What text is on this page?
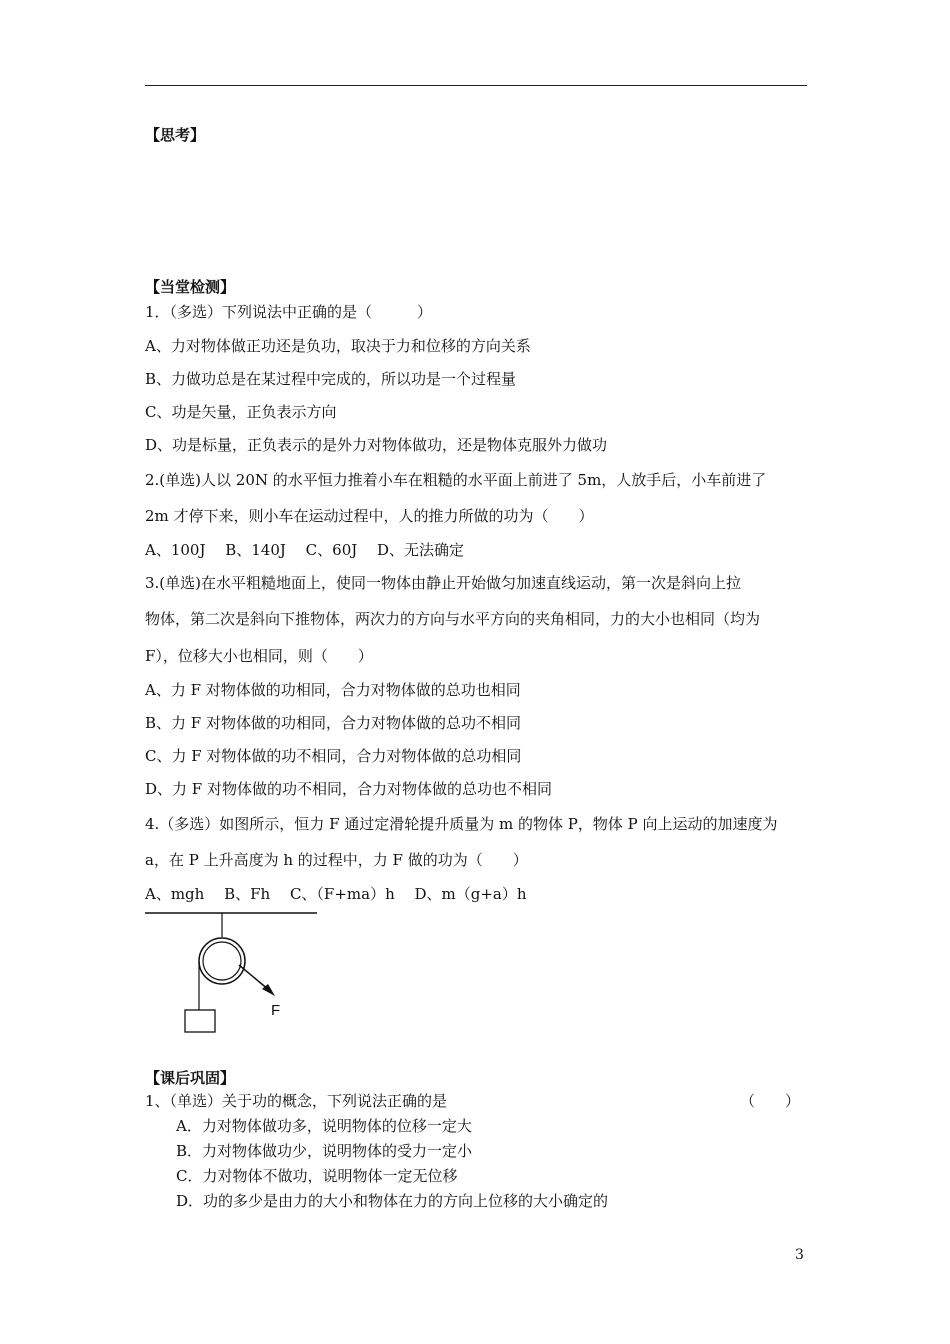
【思考】
【当堂检测】
1．（多选）下列说法中正确的是（　　　）
A、力对物体做正功还是负功，取决于力和位移的方向关系
B、力做功总是在某过程中完成的，所以功是一个过程量
C、功是矢量，正负表示方向
D、功是标量，正负表示的是外力对物体做功，还是物体克服外力做功
2.(单选)人以 20N 的水平恒力推着小车在粗糙的水平面上前进了 5m，人放手后，小车前进了
2m 才停下来，则小车在运动过程中，人的推力所做的功为（　　）
A、100J　 B、140J　 C、60J　 D、无法确定
3.(单选)在水平粗糙地面上，使同一物体由静止开始做匀加速直线运动，第一次是斜向上拉
物体，第二次是斜向下推物体，两次力的方向与水平方向的夹角相同，力的大小也相同（均为
F），位移大小也相同，则（　　）
A、力 F 对物体做的功相同，合力对物体做的总功也相同
B、力 F 对物体做的功相同，合力对物体做的总功不相同
C、力 F 对物体做的功不相同，合力对物体做的总功相同
D、力 F 对物体做的功不相同，合力对物体做的总功也不相同
4.（多选）如图所示，恒力 F 通过定滑轮提升质量为 m 的物体 P，物体 P 向上运动的加速度为
a，在 P 上升高度为 h 的过程中，力 F 做的功为（　　）
A、mgh　 B、Fh　 C、（F+ma）h　 D、m（g+a）h
F
【课后巩固】
1、（单选）关于功的概念，下列说法正确的是	（　　）
A．力对物体做功多，说明物体的位移一定大
B．力对物体做功少，说明物体的受力一定小
C．力对物体不做功，说明物体一定无位移
D．功的多少是由力的大小和物体在力的方向上位移的大小确定的
3
